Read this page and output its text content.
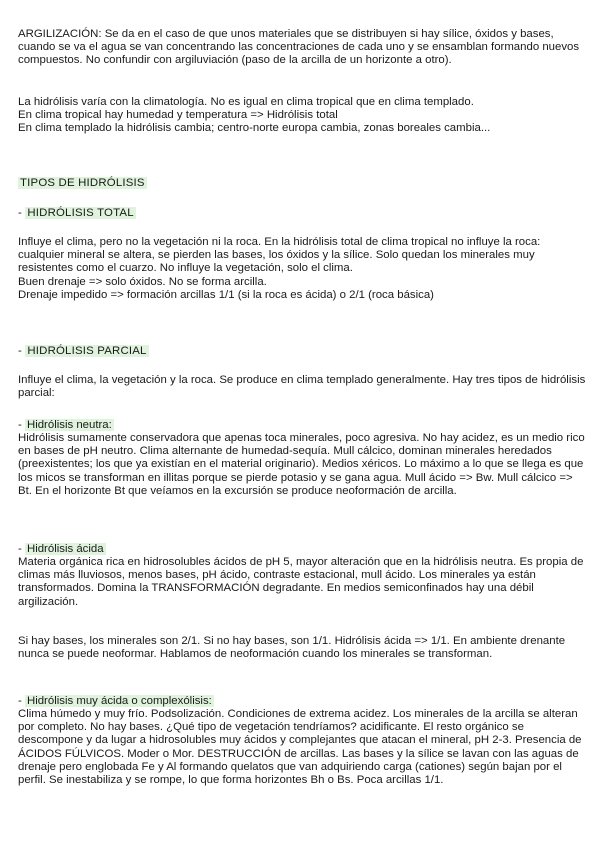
ARGILIZACIÓN: Se da en el caso de que unos materiales que se distribuyen si hay sílice, óxidos y bases, cuando se va el agua se van concentrando las concentraciones de cada uno y se ensamblan formando nuevos compuestos. No confundir con argiluviación (paso de la arcilla de un horizonte a otro).

La hidrólisis varía con la climatología. No es igual en clima tropical que en clima templado.
En clima tropical hay humedad y temperatura => Hidrólisis total
En clima templado la hidrólisis cambia; centro-norte europa cambia, zonas boreales cambia...
TIPOS DE HIDRÓLISIS
- HIDRÓLISIS TOTAL
Influye el clima, pero no la vegetación ni la roca. En la hidrólisis total de clima tropical no influye la roca: cualquier mineral se altera, se pierden las bases, los óxidos y la sílice. Solo quedan los minerales muy resistentes como el cuarzo. No influye la vegetación, solo el clima.
Buen drenaje => solo óxidos. No se forma arcilla.
Drenaje impedido => formación arcillas 1/1 (si la roca es ácida) o 2/1 (roca básica)
- HIDRÓLISIS PARCIAL

Influye el clima, la vegetación y la roca. Se produce en clima templado generalmente. Hay tres tipos de hidrólisis parcial:

- Hidrólisis neutra:

Hidrólisis sumamente conservadora que apenas toca minerales, poco agresiva. No hay acidez, es un medio rico en bases de pH neutro. Clima alternante de humedad-sequía. Mull cálcico, dominan minerales heredados (preexistentes; los que ya existían en el material originario). Medios xéricos. Lo máximo a lo que se llega es que los micos se transforman en illitas porque se pierde potasio y se gana agua. Mull ácido => Bw. Mull cálcico => Bt. En el horizonte Bt que veíamos en la excursión se produce neoformación de arcilla.

- Hidrólisis ácida

Materia orgánica rica en hidrosolubles ácidos de pH 5, mayor alteración que en la hidrólisis neutra. Es propia de climas más lluviosos, menos bases, pH ácido, contraste estacional, mull ácido. Los minerales ya están transformados. Domina la TRANSFORMACIÓN degradante. En medios semiconfinados hay una débil argilización.

Si hay bases, los minerales son 2/1. Si no hay bases, son 1/1. Hidrólisis ácida => 1/1. En ambiente drenante nunca se puede neoformar. Hablamos de neoformación cuando los minerales se transforman.

- Hidrólisis muy ácida o complexólisis:

Clima húmedo y muy frío. Podsolización. Condiciones de extrema acidez. Los minerales de la arcilla se alteran por completo. No hay bases. ¿Qué tipo de vegetación tendríamos? acidificante. El resto orgánico se descompone y da lugar a hidrosolubles muy ácidos y complejantes que atacan el mineral, pH 2-3. Presencia de ÁCIDOS FÚLVICOS. Moder o Mor. DESTRUCCIÓN de arcillas. Las bases y la sílice se lavan con las aguas de drenaje pero englobada Fe y Al formando quelatos que van adquiriendo carga (cationes) según bajan por el perfil. Se inestabiliza y se rompe, lo que forma horizontes Bh o Bs. Poca arcillas 1/1.
